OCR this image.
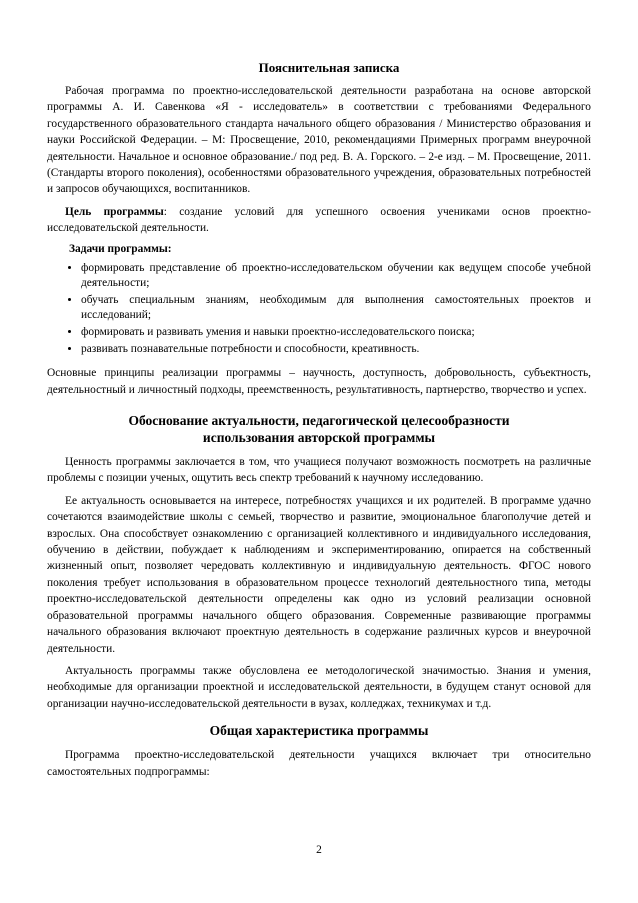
Пояснительная записка

Рабочая программа по проектно-исследовательской деятельности разработана на основе авторской программы А. И. Савенкова «Я - исследователь» в соответствии с требованиями Федерального государственного образовательного стандарта начального общего образования / Министерство образования и науки Российской Федерации. – М: Просвещение, 2010, рекомендациями Примерных программ внеурочной деятельности. Начальное и основное образование./ под ред. В. А. Горского. – 2-е изд. – М. Просвещение, 2011. (Стандарты второго поколения), особенностями образовательного учреждения, образовательных потребностей и запросов обучающихся, воспитанников.

Цель программы: создание условий для успешного освоения учениками основ проектно-исследовательской деятельности.

Задачи программы:
• формировать представление об проектно-исследовательском обучении как ведущем способе учебной деятельности;
• обучать специальным знаниям, необходимым для выполнения самостоятельных проектов и исследований;
• формировать и развивать умения и навыки проектно-исследовательского поиска;
• развивать познавательные потребности и способности, креативность.

Основные принципы реализации программы – научность, доступность, добровольность, субъектность, деятельностный и личностный подходы, преемственность, результативность, партнерство, творчество и успех.

Обоснование актуальности, педагогической целесообразности
использования авторской программы

Ценность программы заключается в том, что учащиеся получают возможность посмотреть на различные проблемы с позиции ученых, ощутить весь спектр требований к научному исследованию.

Ее актуальность основывается на интересе, потребностях учащихся и их родителей. В программе удачно сочетаются взаимодействие школы с семьей, творчество и развитие, эмоциональное благополучие детей и взрослых. Она способствует ознакомлению с организацией коллективного и индивидуального исследования, обучению в действии, побуждает к наблюдениям и экспериментированию, опирается на собственный жизненный опыт, позволяет чередовать коллективную и индивидуальную деятельность. ФГОС нового поколения требует использования в образовательном процессе технологий деятельностного типа, методы проектно-исследовательской деятельности определены как одно из условий реализации основной образовательной программы начального общего образования. Современные развивающие программы начального образования включают проектную деятельность в содержание различных курсов и внеурочной деятельности.

Актуальность программы также обусловлена ее методологической значимостью. Знания и умения, необходимые для организации проектной и исследовательской деятельности, в будущем станут основой для организации научно-исследовательской деятельности в вузах, колледжах, техникумах и т.д.

Общая характеристика программы

Программа проектно-исследовательской деятельности учащихся включает три относительно самостоятельных подпрограммы:

2
